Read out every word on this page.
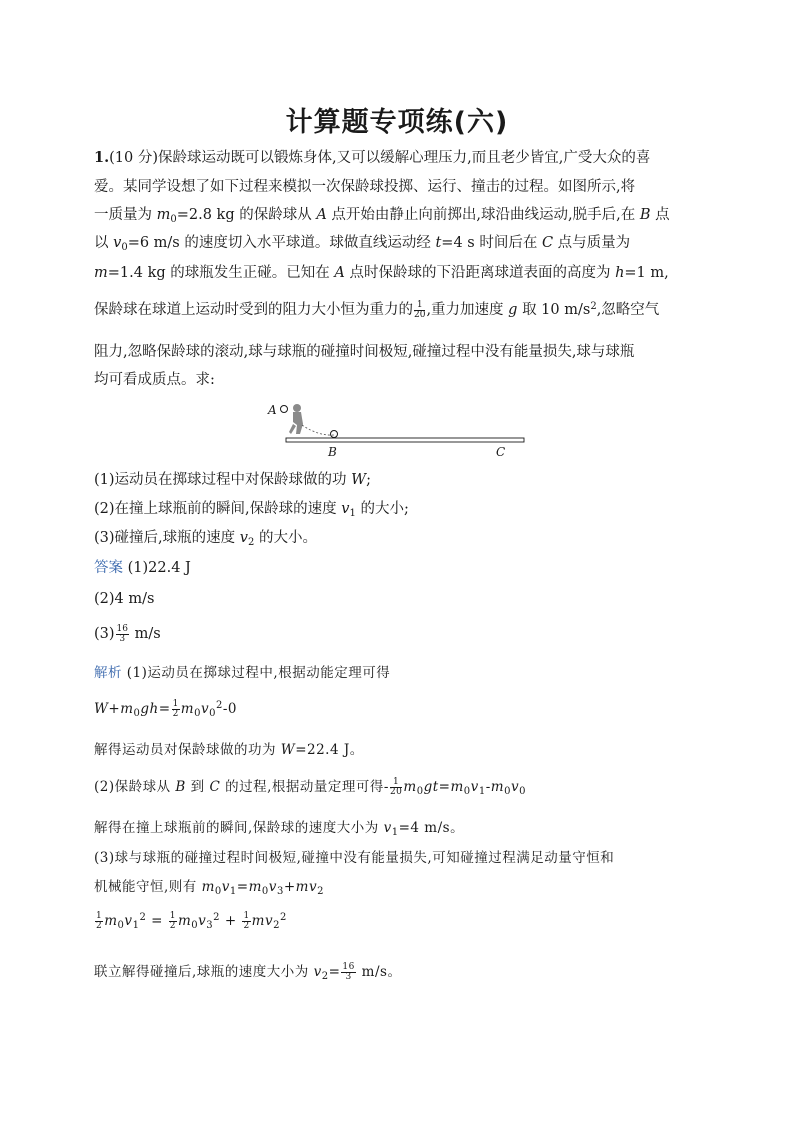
计算题专项练(六)
1.(10 分)保龄球运动既可以锻炼身体,又可以缓解心理压力,而且老少皆宜,广受大众的喜
爱。某同学设想了如下过程来模拟一次保龄球投掷、运行、撞击的过程。如图所示,将
一质量为 $m_0=2.8$ kg 的保龄球从 A 点开始由静止向前掷出,球沿曲线运动,脱手后,在 B 点
以 $v_0=6$ m/s 的速度切入水平球道。球做直线运动经 t=4 s 时间后在 C 点与质量为
m=1.4 kg 的球瓶发生正碰。已知在 A 点时保龄球的下沿距离球道表面的高度为 h=1 m,
保龄球在球道上运动时受到的阻力大小恒为重力的 $\frac{1}{20}$ ,重力加速度 g 取 10 $m/s^2$,忽略空气
阻力,忽略保龄球的滚动,球与球瓶的碰撞时间极短,碰撞过程中没有能量损失,球与球瓶
均可看成质点。求:
A
B	C
(1)运动员在掷球过程中对保龄球做的功 W;
(2)在撞上球瓶前的瞬间,保龄球的速度 $v_1$ 的大小;
(3)碰撞后,球瓶的速度 $v_2$ 的大小。
答案 (1)22.4 J
(2)4 m/s
$(3) \frac{16}{3} m/s$
解析 (1)运动员在掷球过程中,根据动能定理可得
$W+m_0gh= \frac{1}{2} m_0v_0^2-0$
解得运动员对保龄球做的功为 W=22.4 J。
(2)保龄球从 B 到 C 的过程,根据动量定理可得- $\frac{1}{20} m_0gt=m_0v_1-m_0v_0$
解得在撞上球瓶前的瞬间,保龄球的速度大小为 $v_1=4$ m/s。
(3)球与球瓶的碰撞过程时间极短,碰撞中没有能量损失,可知碰撞过程满足动量守恒和
机械能守恒,则有 $m_0v_1=m_0v_3+mv_2$
$\frac{1}{2} m_0v_1^2 = \frac{1}{2} m_0v_3^2 + \frac{1}{2} mv_2^2$
联立解得碰撞后,球瓶的速度大小为 $v_2= \frac{16}{3} m/s$。
